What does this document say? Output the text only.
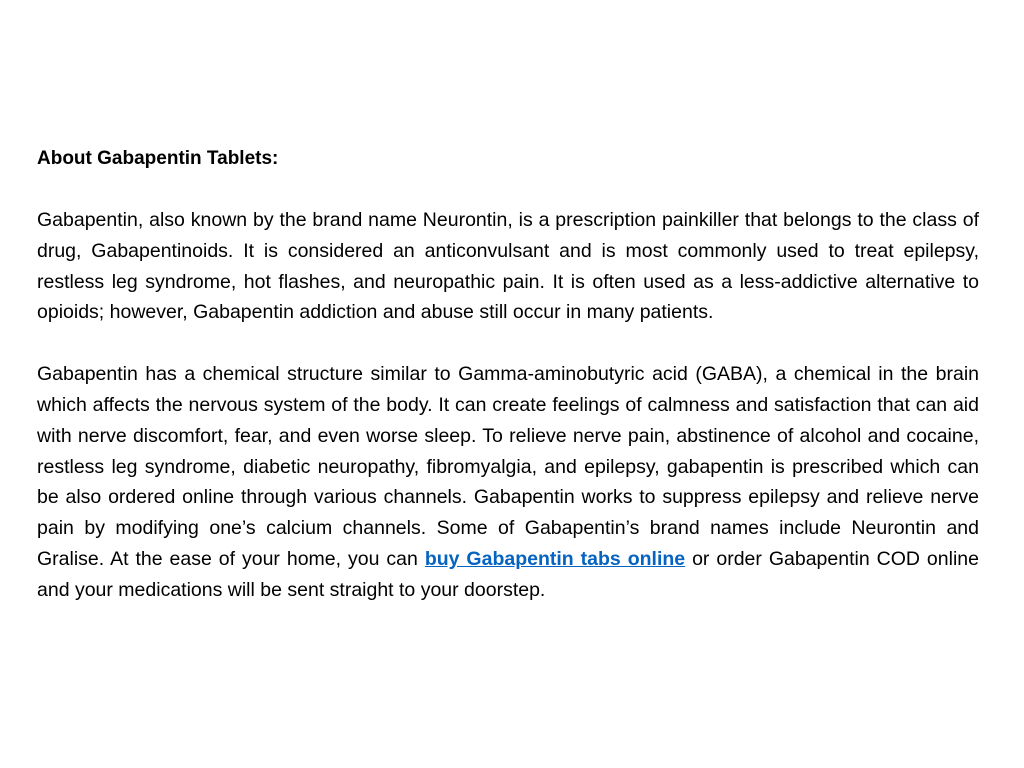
About Gabapentin Tablets:

Gabapentin, also known by the brand name Neurontin, is a prescription painkiller that belongs to the class of drug, Gabapentinoids. It is considered an anticonvulsant and is most commonly used to treat epilepsy, restless leg syndrome, hot flashes, and neuropathic pain. It is often used as a less-addictive alternative to opioids; however, Gabapentin addiction and abuse still occur in many patients.

Gabapentin has a chemical structure similar to Gamma-aminobutyric acid (GABA), a chemical in the brain which affects the nervous system of the body. It can create feelings of calmness and satisfaction that can aid with nerve discomfort, fear, and even worse sleep. To relieve nerve pain, abstinence of alcohol and cocaine, restless leg syndrome, diabetic neuropathy, fibromyalgia, and epilepsy, gabapentin is prescribed which can be also ordered online through various channels. Gabapentin works to suppress epilepsy and relieve nerve pain by modifying one’s calcium channels. Some of Gabapentin’s brand names include Neurontin and Gralise. At the ease of your home, you can buy Gabapentin tabs online or order Gabapentin COD online and your medications will be sent straight to your doorstep.
